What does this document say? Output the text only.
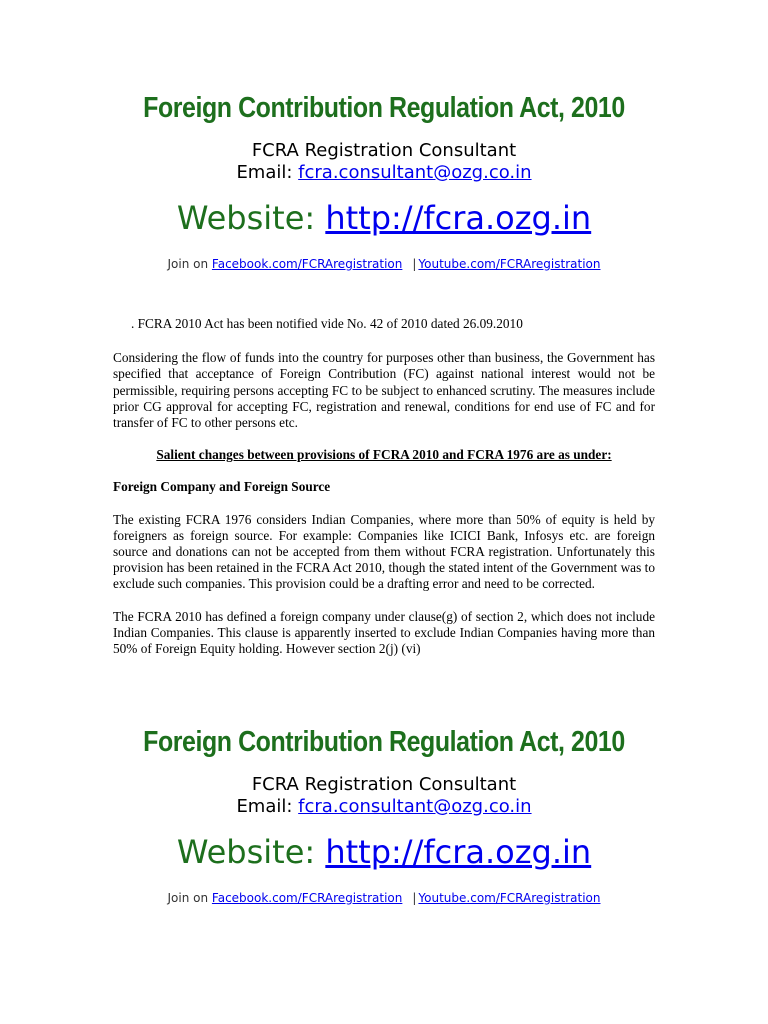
Foreign Contribution Regulation Act, 2010
FCRA Registration Consultant
Email: fcra.consultant@ozg.co.in
Website: http://fcra.ozg.in
Join on Facebook.com/FCRAregistration | Youtube.com/FCRAregistration

. FCRA 2010 Act has been notified vide No. 42 of 2010 dated 26.09.2010

Considering the flow of funds into the country for purposes other than business, the Government has specified that acceptance of Foreign Contribution (FC) against national interest would not be permissible, requiring persons accepting FC to be subject to enhanced scrutiny. The measures include prior CG approval for accepting FC, registration and renewal, conditions for end use of FC and for transfer of FC to other persons etc.

Salient changes between provisions of FCRA 2010 and FCRA 1976 are as under:

Foreign Company and Foreign Source

The existing FCRA 1976 considers Indian Companies, where more than 50% of equity is held by foreigners as foreign source. For example: Companies like ICICI Bank, Infosys etc. are foreign source and donations can not be accepted from them without FCRA registration. Unfortunately this provision has been retained in the FCRA Act 2010, though the stated intent of the Government was to exclude such companies. This provision could be a drafting error and need to be corrected.

The FCRA 2010 has defined a foreign company under clause(g) of section 2, which does not include Indian Companies. This clause is apparently inserted to exclude Indian Companies having more than 50% of Foreign Equity holding. However section 2(j) (vi)

Foreign Contribution Regulation Act, 2010
FCRA Registration Consultant
Email: fcra.consultant@ozg.co.in
Website: http://fcra.ozg.in
Join on Facebook.com/FCRAregistration | Youtube.com/FCRAregistration
